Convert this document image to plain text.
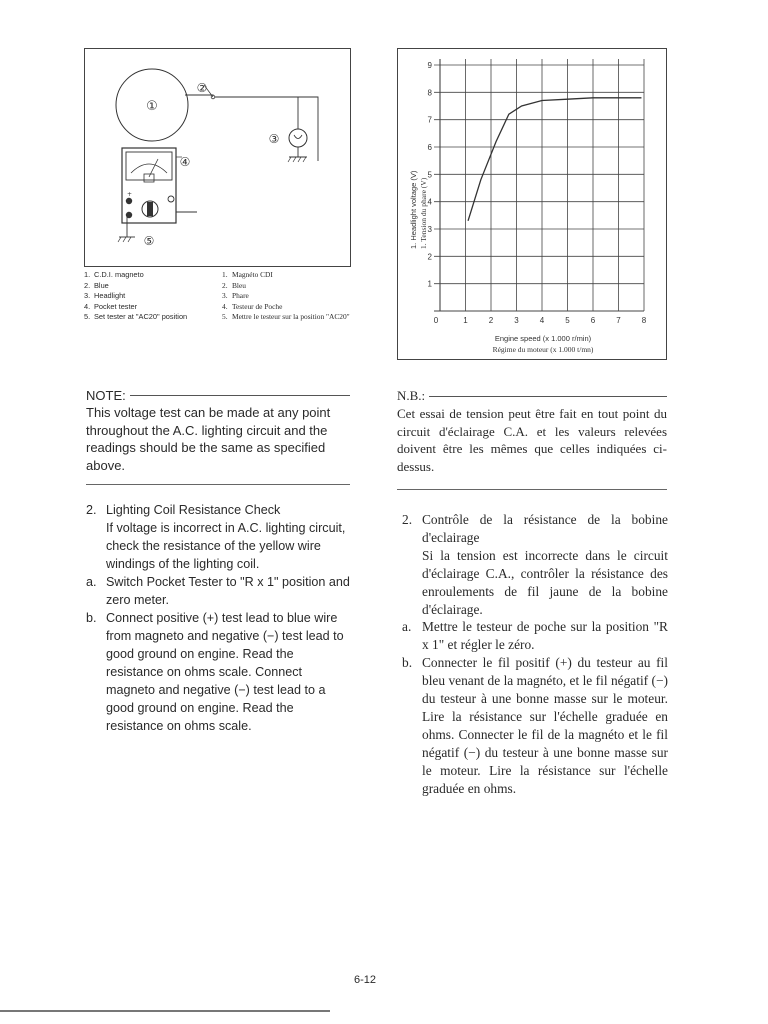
①
②
③
+
−
④
⑤
1. C.D.I. magneto
2. Blue
3. Headlight
4. Pocket tester
5. Set tester at "AC20" position
1. Magnéto CDI
2. Bleu
3. Phare
4. Testeur de Poche
5. Mettre le testeur sur la position "AC20"	0	1	2	3	4	5	6	7	8
1
2
3
4
5
6
7
8
9
1. Headlight voltage (V) 1. Tension du phare (V)
Engine speed (x 1.000 r/min)
Régime du moteur (x 1.000 t/mn)
NOTE:
This voltage test can be made at any point throughout the A.C. lighting circuit and the readings should be the same as specified above.
N.B.:
Cet essai de tension peut être fait en tout point du circuit d'éclairage C.A. et les valeurs relevées doivent être les mêmes que celles indiquées ci-dessus.
2. Lighting Coil Resistance Check
If voltage is incorrect in A.C. lighting circuit, check the resistance of the yellow wire windings of the lighting coil.
a. Switch Pocket Tester to "R x 1" position and zero meter.
b. Connect positive (+) test lead to blue wire from magneto and negative (−) test lead to good ground on engine. Read the resistance on ohms scale. Connect magneto and negative (−) test lead to a good ground on engine. Read the resistance on ohms scale.
2. Contrôle de la résistance de la bobine d'eclairage
Si la tension est incorrecte dans le circuit d'éclairage C.A., contrôler la résistance des enroulements de fil jaune de la bobine d'éclairage.
a. Mettre le testeur de poche sur la position "R x 1" et régler le zéro.
b. Connecter le fil positif (+) du testeur au fil bleu venant de la magnéto, et le fil négatif (−) du testeur à une bonne masse sur le moteur. Lire la résistance sur l'échelle graduée en ohms. Connecter le fil de la magnéto et le fil négatif (−) du testeur à une bonne masse sur le moteur. Lire la résistance sur l'échelle graduée en ohms.
6-12
